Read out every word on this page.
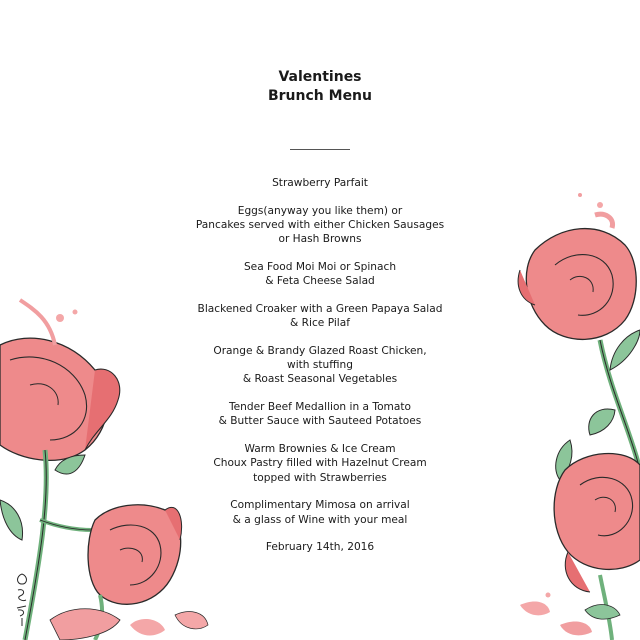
Valentines

Brunch Menu

Strawberry Parfait
Eggs(anyway you like them) or
Pancakes served with either Chicken Sausages
or Hash Browns
Sea Food Moi Moi or Spinach
& Feta Cheese Salad
Blackened Croaker with a Green Papaya Salad
& Rice Pilaf
Orange & Brandy Glazed Roast Chicken,
with stuffing
& Roast Seasonal Vegetables
Tender Beef Medallion in a Tomato
& Butter Sauce with Sauteed Potatoes
Warm Brownies & Ice Cream
Choux Pastry filled with Hazelnut Cream
topped with Strawberries
Complimentary Mimosa on arrival
& a glass of Wine with your meal

February 14th, 2016
